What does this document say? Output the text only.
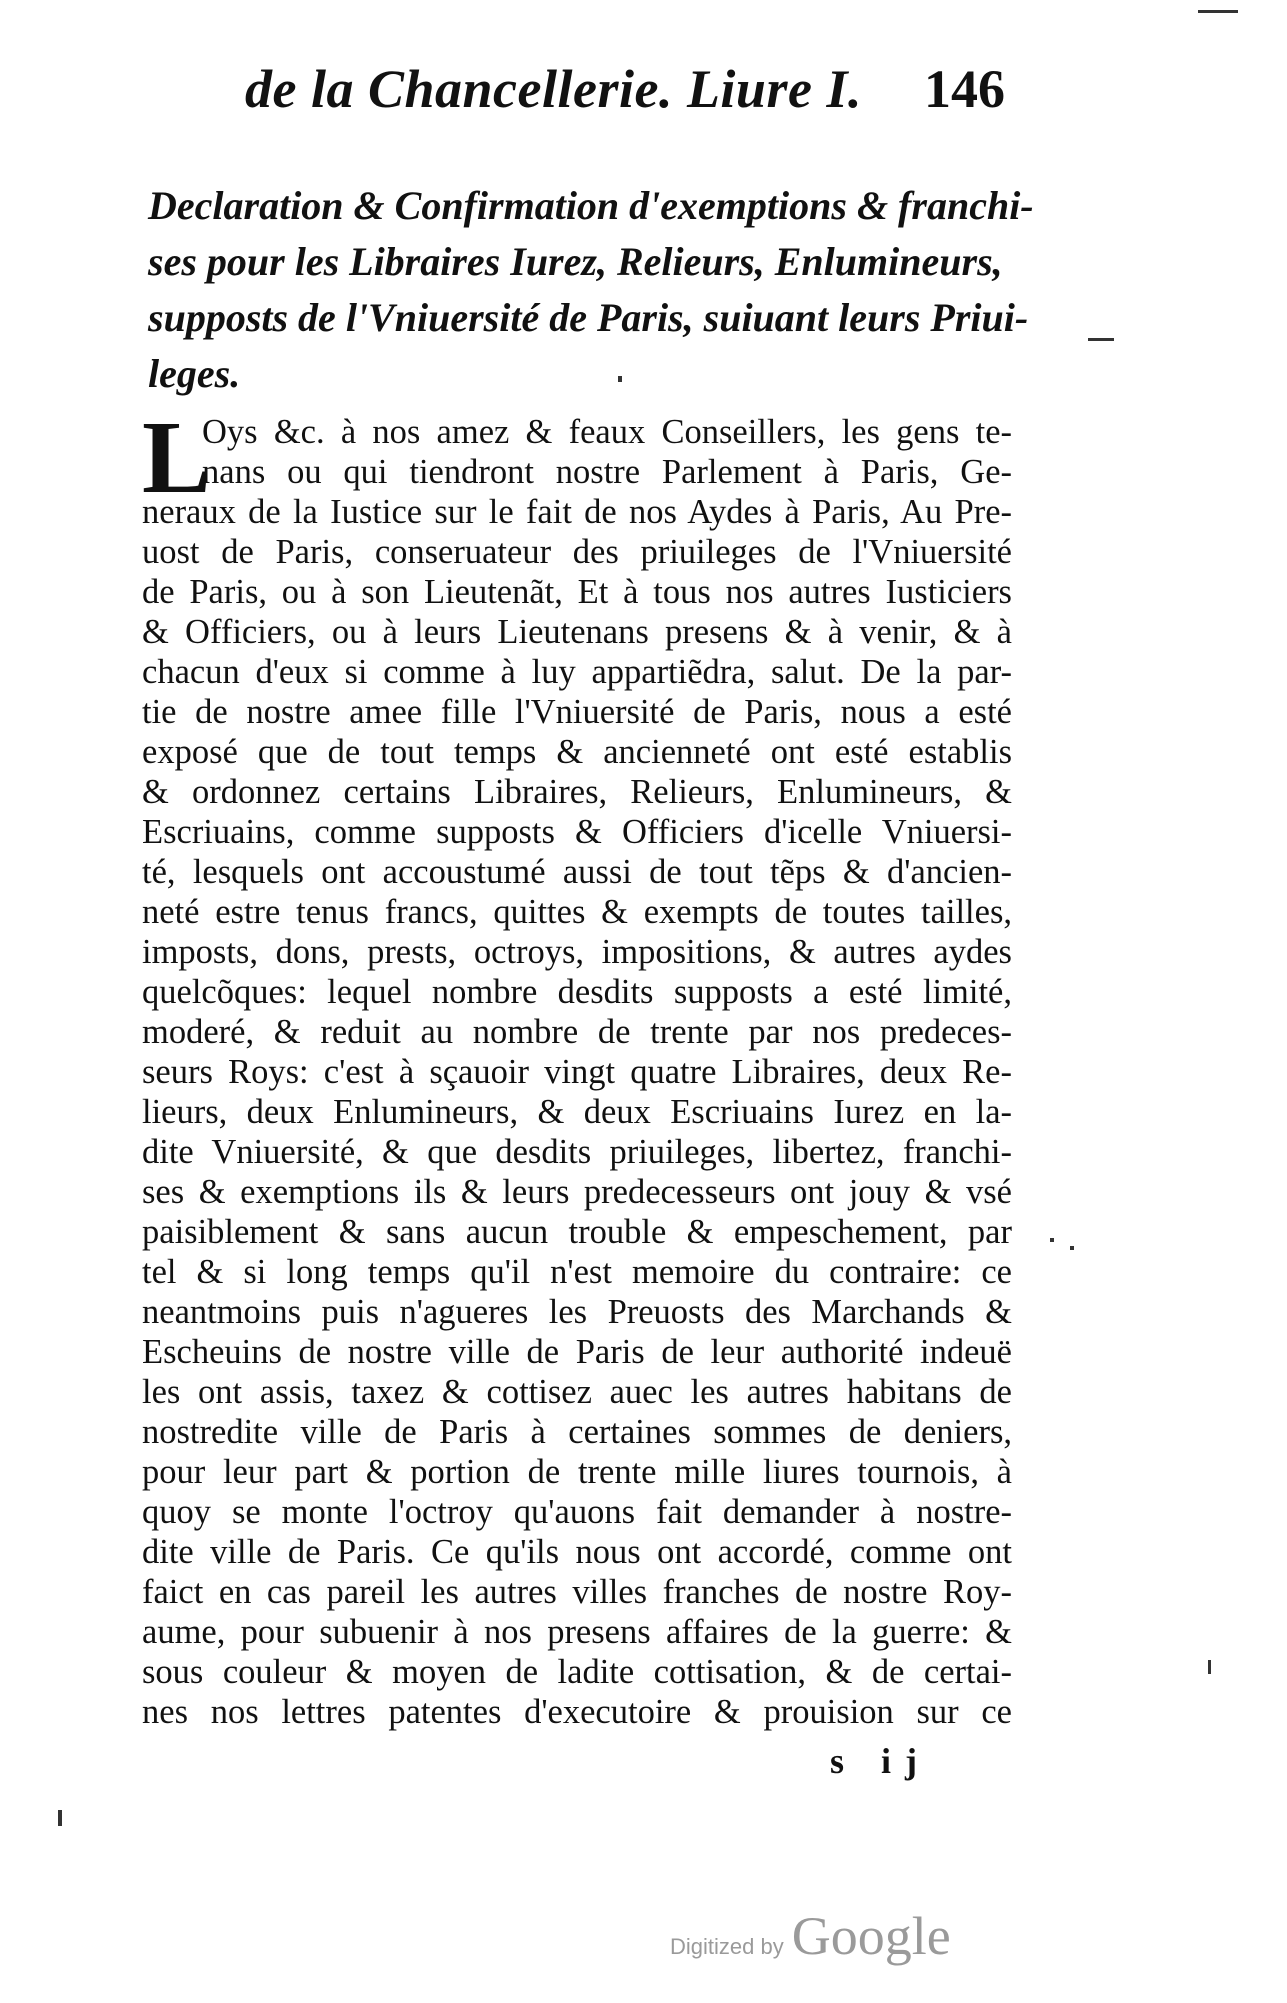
de la Chancellerie. Liure I. 146
Declaration & Confirmation d'exemptions & franchi-
ses pour les Libraires Iurez, Relieurs, Enlumineurs,
supposts de l'Vniuersité de Paris, suiuant leurs Priui-
leges.
L
Oys &c. à nos amez & feaux Conseillers, les gens te-
nans ou qui tiendront nostre Parlement à Paris, Ge-
neraux de la Iustice sur le fait de nos Aydes à Paris, Au Pre-
uost de Paris, conseruateur des priuileges de l'Vniuersité
de Paris, ou à son Lieutenãt, Et à tous nos autres Iusticiers
& Officiers, ou à leurs Lieutenans presens & à venir, & à
chacun d'eux si comme à luy appartiẽdra, salut. De la par-
tie de nostre amee fille l'Vniuersité de Paris, nous a esté
exposé que de tout temps & ancienneté ont esté establis
& ordonnez certains Libraires, Relieurs, Enlumineurs, &
Escriuains, comme supposts & Officiers d'icelle Vniuersi-
té, lesquels ont accoustumé aussi de tout tẽps & d'ancien-
neté estre tenus francs, quittes & exempts de toutes tailles,
imposts, dons, prests, octroys, impositions, & autres aydes
quelcõques: lequel nombre desdits supposts a esté limité,
moderé, & reduit au nombre de trente par nos predeces-
seurs Roys: c'est à sçauoir vingt quatre Libraires, deux Re-
lieurs, deux Enlumineurs, & deux Escriuains Iurez en la-
dite Vniuersité, & que desdits priuileges, libertez, franchi-
ses & exemptions ils & leurs predecesseurs ont jouy & vsé
paisiblement & sans aucun trouble & empeschement, par
tel & si long temps qu'il n'est memoire du contraire: ce
neantmoins puis n'agueres les Preuosts des Marchands &
Escheuins de nostre ville de Paris de leur authorité indeuë
les ont assis, taxez & cottisez auec les autres habitans de
nostredite ville de Paris à certaines sommes de deniers,
pour leur part & portion de trente mille liures tournois, à
quoy se monte l'octroy qu'auons fait demander à nostre-
dite ville de Paris. Ce qu'ils nous ont accordé, comme ont
faict en cas pareil les autres villes franches de nostre Roy-
aume, pour subuenir à nos presens affaires de la guerre: &
sous couleur & moyen de ladite cottisation, & de certai-
nes nos lettres patentes d'executoire & prouision sur ce
s ij
Digitized by Google
